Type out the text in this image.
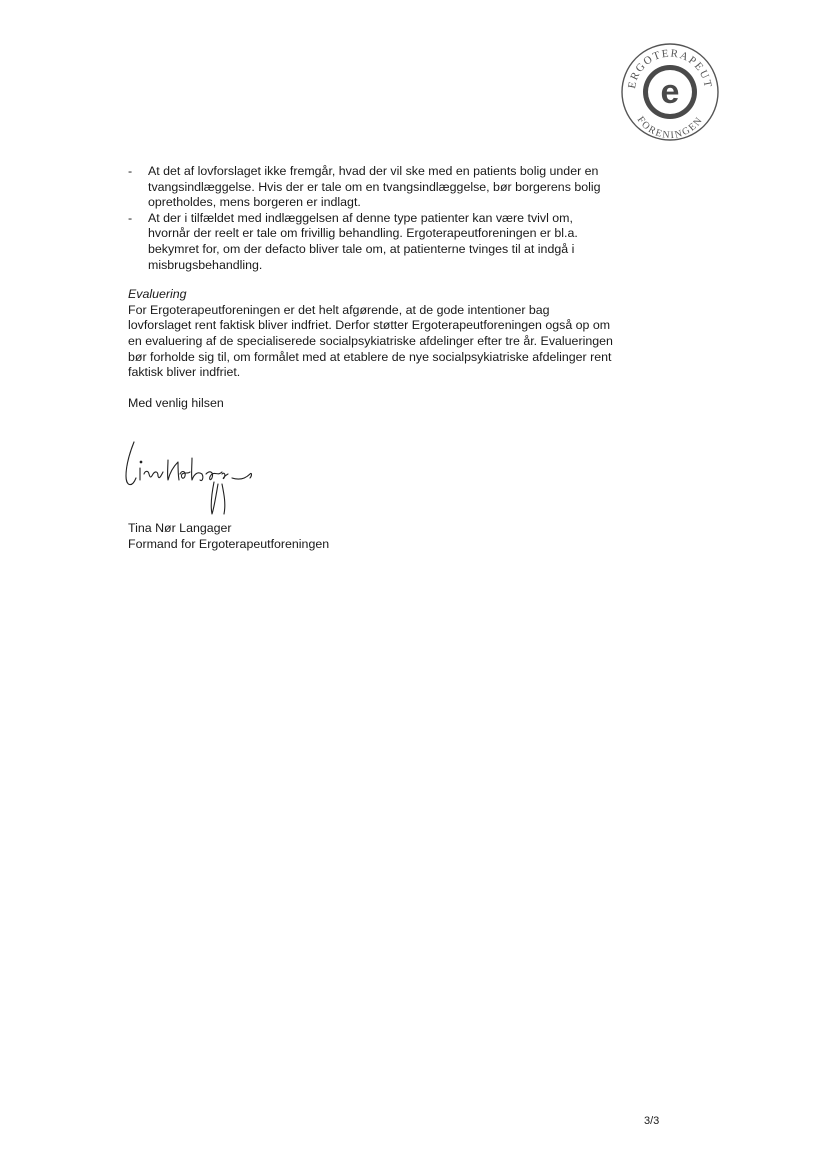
e
ERGOTERAPEUT
FORENINGEN
- At det af lovforslaget ikke fremgår, hvad der vil ske med en patients bolig under en tvangsindlæggelse. Hvis der er tale om en tvangsindlæggelse, bør borgerens bolig opretholdes, mens borgeren er indlagt.
- At der i tilfældet med indlæggelsen af denne type patienter kan være tvivl om, hvornår der reelt er tale om frivillig behandling. Ergoterapeutforeningen er bl.a. bekymret for, om der defacto bliver tale om, at patienterne tvinges til at indgå i misbrugsbehandling.
Evaluering

For Ergoterapeutforeningen er det helt afgørende, at de gode intentioner bag lovforslaget rent faktisk bliver indfriet. Derfor støtter Ergoterapeutforeningen også op om en evaluering af de specialiserede socialpsykiatriske afdelinger efter tre år. Evalueringen bør forholde sig til, om formålet med at etablere de nye socialpsykiatriske afdelinger rent faktisk bliver indfriet.

Med venlig hilsen
Tina Nør Langager
Formand for Ergoterapeutforeningen
3/3
